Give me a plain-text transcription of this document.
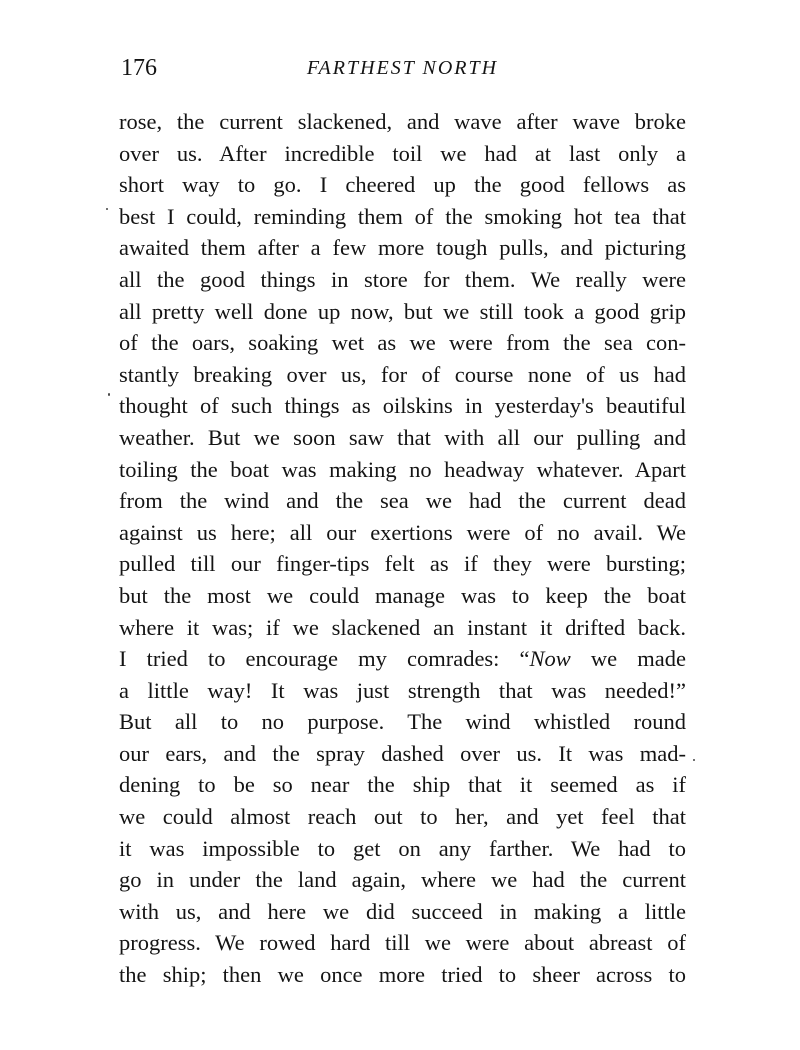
176	FARTHEST NORTH
rose, the current slackened, and wave after wave broke
over us. After incredible toil we had at last only a
short way to go. I cheered up the good fellows as
best I could, reminding them of the smoking hot tea that
awaited them after a few more tough pulls, and picturing
all the good things in store for them. We really were
all pretty well done up now, but we still took a good grip
of the oars, soaking wet as we were from the sea con-
stantly breaking over us, for of course none of us had
thought of such things as oilskins in yesterday's beautiful
weather. But we soon saw that with all our pulling and
toiling the boat was making no headway whatever. Apart
from the wind and the sea we had the current dead
against us here; all our exertions were of no avail. We
pulled till our finger-tips felt as if they were bursting;
but the most we could manage was to keep the boat
where it was; if we slackened an instant it drifted back.
I tried to encourage my comrades: “Now we made
a little way! It was just strength that was needed!”
But all to no purpose. The wind whistled round
our ears, and the spray dashed over us. It was mad-
dening to be so near the ship that it seemed as if
we could almost reach out to her, and yet feel that
it was impossible to get on any farther. We had to
go in under the land again, where we had the current
with us, and here we did succeed in making a little
progress. We rowed hard till we were about abreast of
the ship; then we once more tried to sheer across to
